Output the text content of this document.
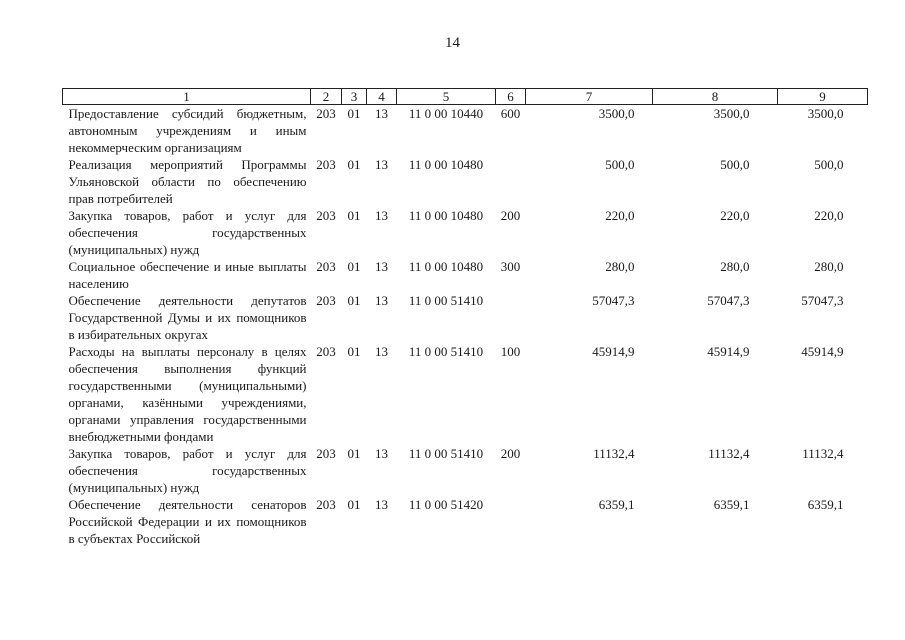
14
1	2	3	4	5	6	7	8	9
Предоставление субсидий бюджетным, автономным учреждениям и иным некоммерческим организациям	203	01	13	11 0 00 10440	600	3500,0	3500,0	3500,0
Реализация мероприятий Программы Ульяновской области по обеспечению прав потребителей	203	01	13	11 0 00 10480		500,0	500,0	500,0
Закупка товаров, работ и услуг для обеспечения государственных (муниципальных) нужд	203	01	13	11 0 00 10480	200	220,0	220,0	220,0
Социальное обеспечение и иные выплаты населению	203	01	13	11 0 00 10480	300	280,0	280,0	280,0
Обеспечение деятельности депутатов Государственной Думы и их помощников в избирательных округах	203	01	13	11 0 00 51410		57047,3	57047,3	57047,3
Расходы на выплаты персоналу в целях обеспечения выполнения функций государственными (муниципальными) органами, казёнными учреждениями, органами управления государственными внебюджетными фондами	203	01	13	11 0 00 51410	100	45914,9	45914,9	45914,9
Закупка товаров, работ и услуг для обеспечения государственных (муниципальных) нужд	203	01	13	11 0 00 51410	200	11132,4	11132,4	11132,4
Обеспечение деятельности сенаторов Российской Федерации и их помощников в субъектах Российской	203	01	13	11 0 00 51420		6359,1	6359,1	6359,1
